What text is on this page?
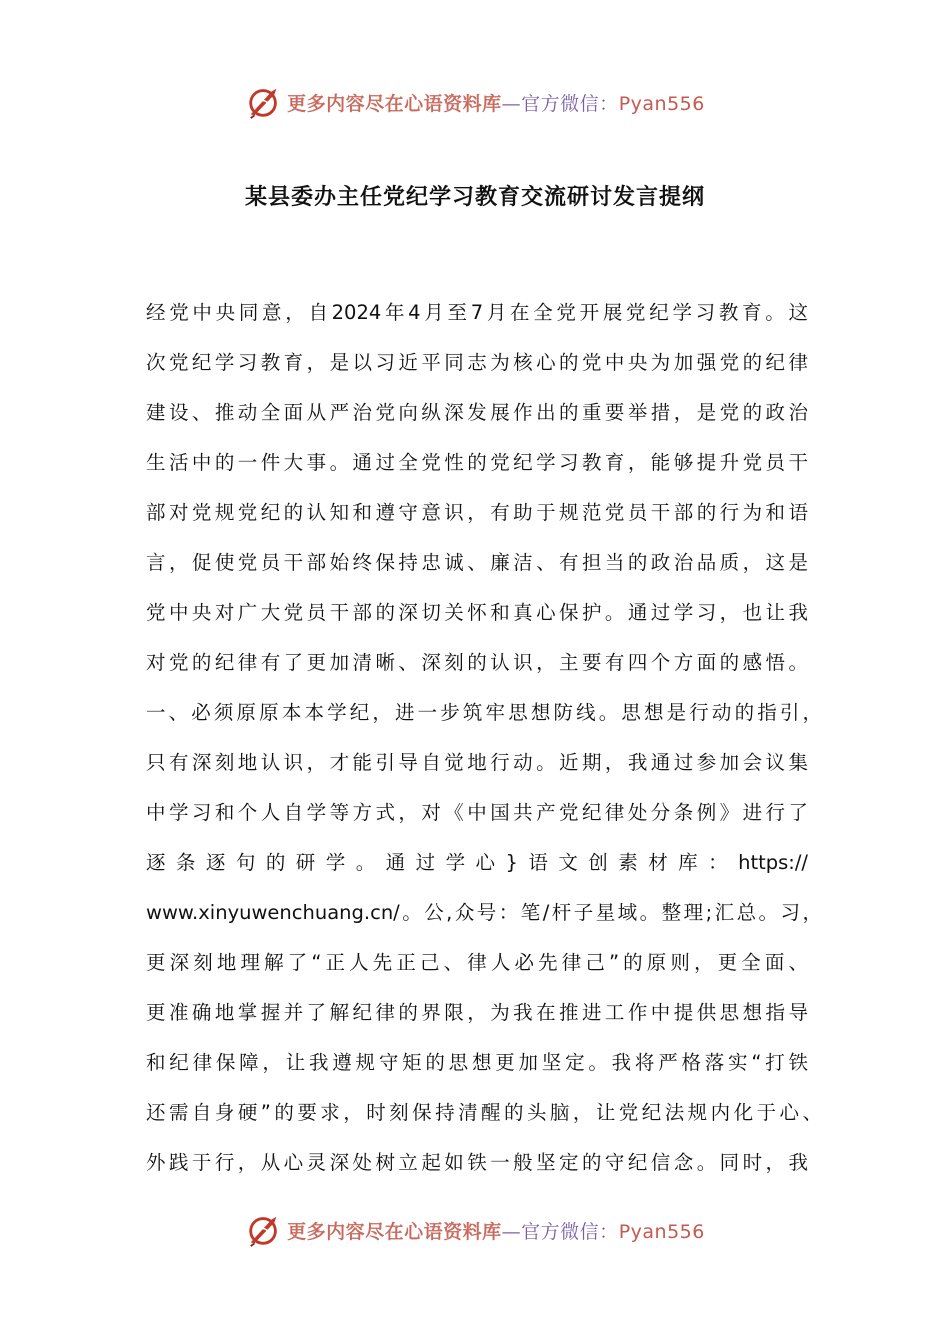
更多内容尽在心语资料库—官方微信：Pyan556
某县委办主任党纪学习教育交流研讨发言提纲
经党中央同意，自2024年4月至7月在全党开展党纪学习教育。这
次党纪学习教育，是以习近平同志为核心的党中央为加强党的纪律
建设、推动全面从严治党向纵深发展作出的重要举措，是党的政治
生活中的一件大事。通过全党性的党纪学习教育，能够提升党员干
部对党规党纪的认知和遵守意识，有助于规范党员干部的行为和语
言，促使党员干部始终保持忠诚、廉洁、有担当的政治品质，这是
党中央对广大党员干部的深切关怀和真心保护。通过学习，也让我
对党的纪律有了更加清晰、深刻的认识，主要有四个方面的感悟。
一、必须原原本本学纪，进一步筑牢思想防线。思想是行动的指引，
只有深刻地认识，才能引导自觉地行动。近期，我通过参加会议集
中学习和个人自学等方式，对《中国共产党纪律处分条例》进行了
逐条逐句的研学。通过学心}语文创素材库：https://
www.xinyuwenchuang.cn/。公,众号：笔/杆子星域。整理;汇总。习，
更深刻地理解了“正人先正己、律人必先律己”的原则，更全面、
更准确地掌握并了解纪律的界限，为我在推进工作中提供思想指导
和纪律保障，让我遵规守矩的思想更加坚定。我将严格落实“打铁
还需自身硬”的要求，时刻保持清醒的头脑，让党纪法规内化于心、
外践于行，从心灵深处树立起如铁一般坚定的守纪信念。同时，我
更多内容尽在心语资料库—官方微信：Pyan556
